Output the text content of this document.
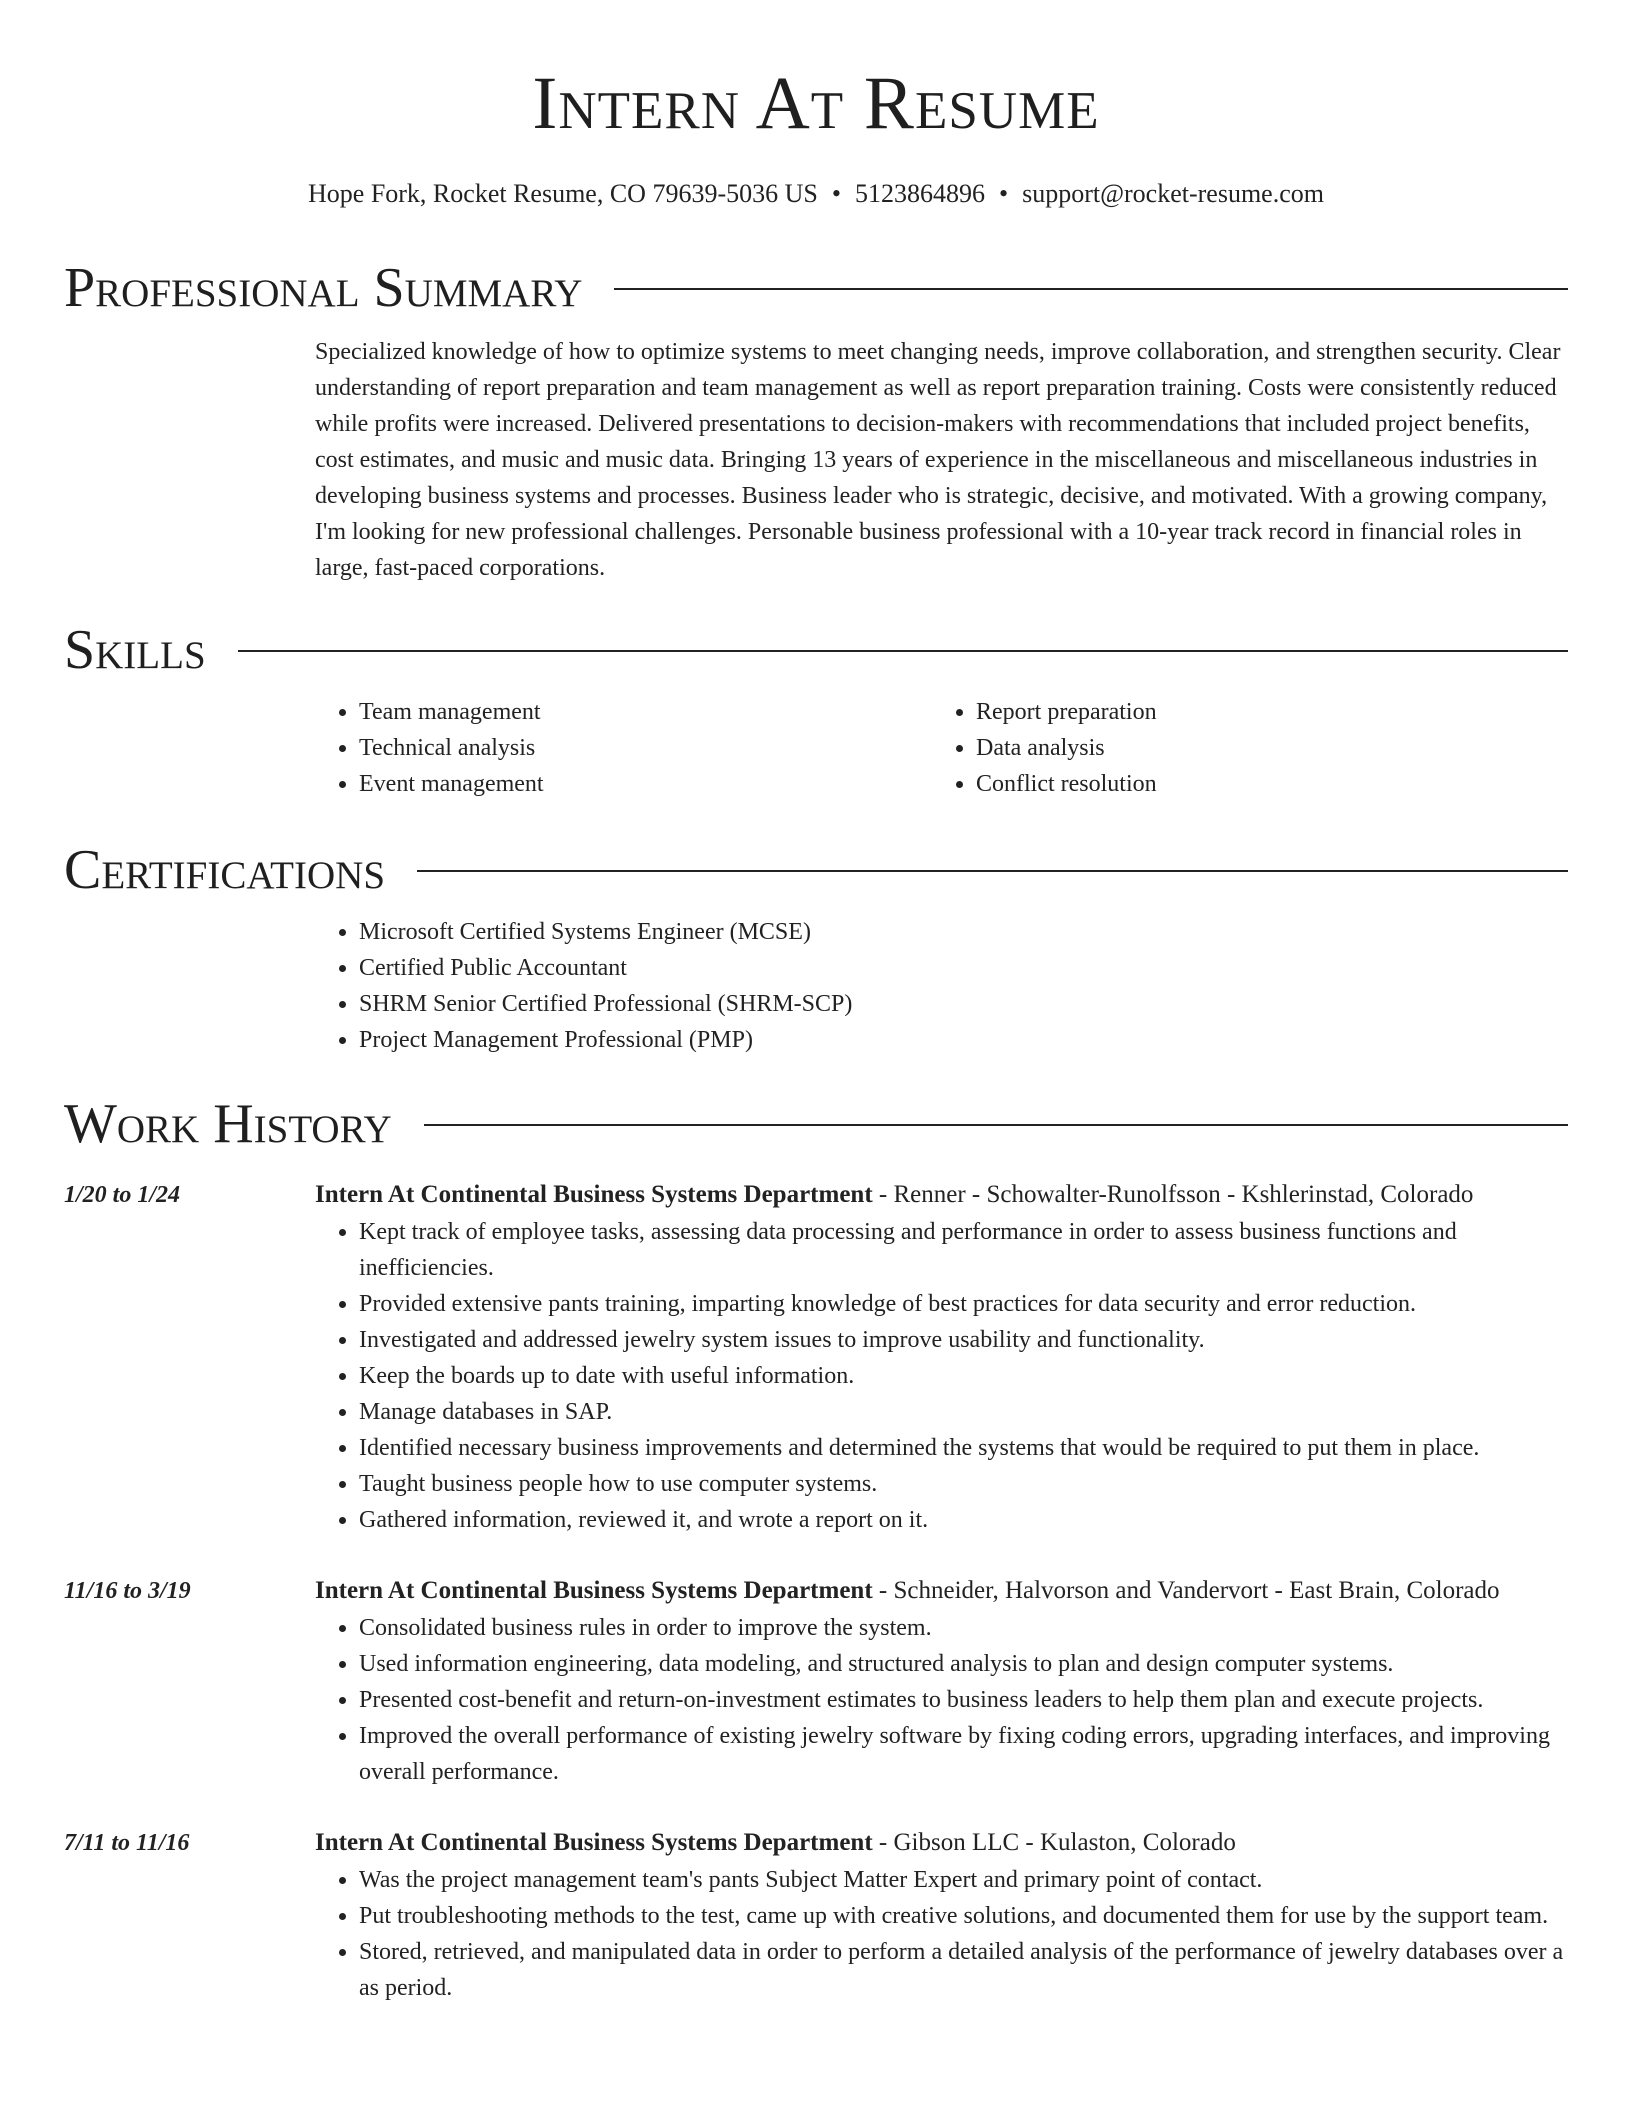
Intern At Resume
Hope Fork, Rocket Resume, CO 79639-5036 US • 5123864896 • support@rocket-resume.com
Professional Summary

Specialized knowledge of how to optimize systems to meet changing needs, improve collaboration, and strengthen security. Clear understanding of report preparation and team management as well as report preparation training. Costs were consistently reduced while profits were increased. Delivered presentations to decision-makers with recommendations that included project benefits, cost estimates, and music and music data. Bringing 13 years of experience in the miscellaneous and miscellaneous industries in developing business systems and processes. Business leader who is strategic, decisive, and motivated. With a growing company, I'm looking for new professional challenges. Personable business professional with a 10-year track record in financial roles in large, fast-paced corporations.

Skills
• Team management
• Technical analysis
• Event management
• Report preparation
• Data analysis
• Conflict resolution
Certifications
• Microsoft Certified Systems Engineer (MCSE)
• Certified Public Accountant
• SHRM Senior Certified Professional (SHRM-SCP)
• Project Management Professional (PMP)
Work History
1/20 to 1/24	Intern At Continental Business Systems Department - Renner - Schowalter-Runolfsson - Kshlerinstad, Colorado
• Kept track of employee tasks, assessing data processing and performance in order to assess business functions and inefficiencies.
• Provided extensive pants training, imparting knowledge of best practices for data security and error reduction.
• Investigated and addressed jewelry system issues to improve usability and functionality.
• Keep the boards up to date with useful information.
• Manage databases in SAP.
• Identified necessary business improvements and determined the systems that would be required to put them in place.
• Taught business people how to use computer systems.
• Gathered information, reviewed it, and wrote a report on it.
11/16 to 3/19	Intern At Continental Business Systems Department - Schneider, Halvorson and Vandervort - East Brain, Colorado
• Consolidated business rules in order to improve the system.
• Used information engineering, data modeling, and structured analysis to plan and design computer systems.
• Presented cost-benefit and return-on-investment estimates to business leaders to help them plan and execute projects.
• Improved the overall performance of existing jewelry software by fixing coding errors, upgrading interfaces, and improving overall performance.
7/11 to 11/16	Intern At Continental Business Systems Department - Gibson LLC - Kulaston, Colorado
• Was the project management team's pants Subject Matter Expert and primary point of contact.
• Put troubleshooting methods to the test, came up with creative solutions, and documented them for use by the support team.
• Stored, retrieved, and manipulated data in order to perform a detailed analysis of the performance of jewelry databases over a as period.
